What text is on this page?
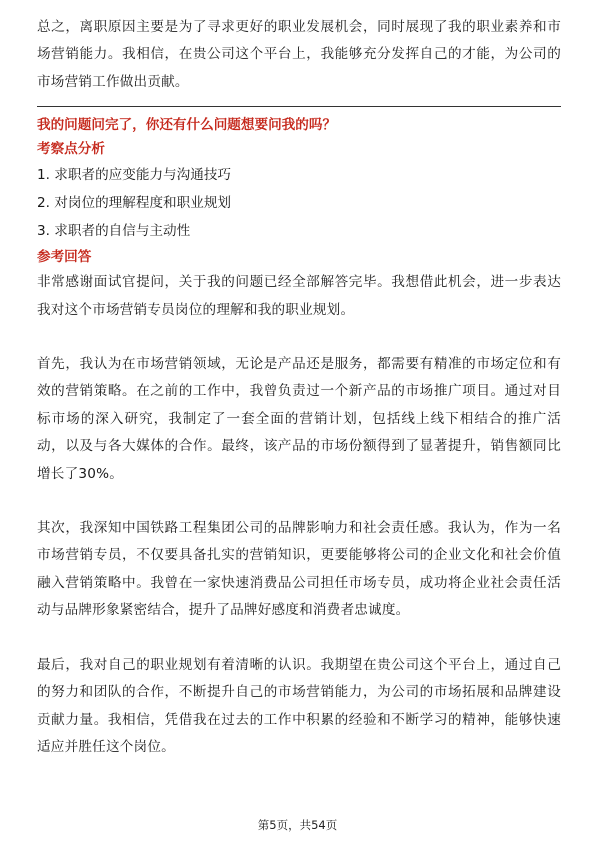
总之，离职原因主要是为了寻求更好的职业发展机会，同时展现了我的职业素养和市场营销能力。我相信，在贵公司这个平台上，我能够充分发挥自己的才能，为公司的市场营销工作做出贡献。

我的问题问完了，你还有什么问题想要问我的吗？

考察点分析

1. 求职者的应变能力与沟通技巧

2. 对岗位的理解程度和职业规划

3. 求职者的自信与主动性

参考回答

非常感谢面试官提问，关于我的问题已经全部解答完毕。我想借此机会，进一步表达我对这个市场营销专员岗位的理解和我的职业规划。

首先，我认为在市场营销领域，无论是产品还是服务，都需要有精准的市场定位和有效的营销策略。在之前的工作中，我曾负责过一个新产品的市场推广项目。通过对目标市场的深入研究，我制定了一套全面的营销计划，包括线上线下相结合的推广活动，以及与各大媒体的合作。最终，该产品的市场份额得到了显著提升，销售额同比增长了30%。

其次，我深知中国铁路工程集团公司的品牌影响力和社会责任感。我认为，作为一名市场营销专员，不仅要具备扎实的营销知识，更要能够将公司的企业文化和社会价值融入营销策略中。我曾在一家快速消费品公司担任市场专员，成功将企业社会责任活动与品牌形象紧密结合，提升了品牌好感度和消费者忠诚度。

最后，我对自己的职业规划有着清晰的认识。我期望在贵公司这个平台上，通过自己的努力和团队的合作，不断提升自己的市场营销能力，为公司的市场拓展和品牌建设贡献力量。我相信，凭借我在过去的工作中积累的经验和不断学习的精神，能够快速适应并胜任这个岗位。

第5页，共54页
